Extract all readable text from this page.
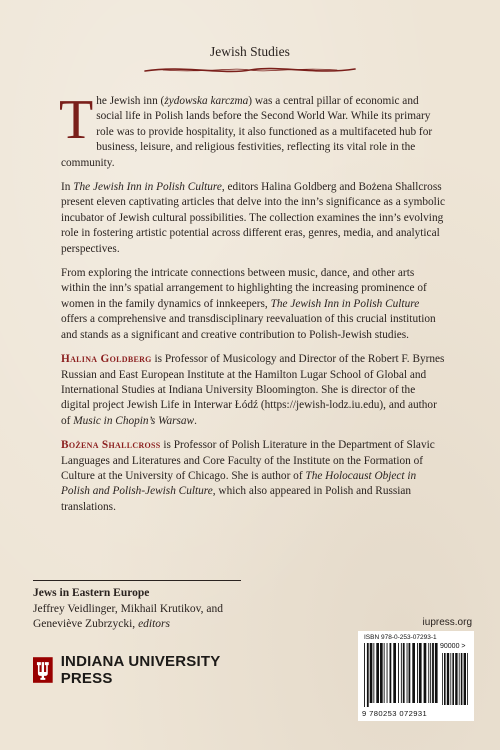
Jewish Studies

The Jewish inn (żydowska karczma) was a central pillar of economic and social life in Polish lands before the Second World War. While its primary role was to provide hospitality, it also functioned as a multifaceted hub for business, leisure, and religious festivities, reflecting its vital role in the community.

In The Jewish Inn in Polish Culture, editors Halina Goldberg and Bożena Shallcross present eleven captivating articles that delve into the inn’s significance as a symbolic incubator of Jewish cultural possibilities. The collection examines the inn’s evolving role in fostering artistic potential across different eras, genres, media, and analytical perspectives.

From exploring the intricate connections between music, dance, and other arts within the inn’s spatial arrangement to highlighting the increasing prominence of women in the family dynamics of innkeepers, The Jewish Inn in Polish Culture offers a comprehensive and transdisciplinary reevaluation of this crucial institution and stands as a significant and creative contribution to Polish-Jewish studies.

Halina Goldberg is Professor of Musicology and Director of the Robert F. Byrnes Russian and East European Institute at the Hamilton Lugar School of Global and International Studies at Indiana University Bloomington. She is director of the digital project Jewish Life in Interwar Łódź (https://jewish-lodz.iu.edu), and author of Music in Chopin’s Warsaw.

Bożena Shallcross is Professor of Polish Literature in the Department of Slavic Languages and Literatures and Core Faculty of the Institute on the Formation of Culture at the University of Chicago. She is author of The Holocaust Object in Polish and Polish-Jewish Culture, which also appeared in Polish and Russian translations.

Jews in Eastern Europe
Jeffrey Veidlinger, Mikhail Krutikov, and Geneviève Zubrzycki, editors
INDIANA UNIVERSITY PRESS
iupress.org
ISBN 978-0-253-07293-1
90000 >
9 780253 072931
